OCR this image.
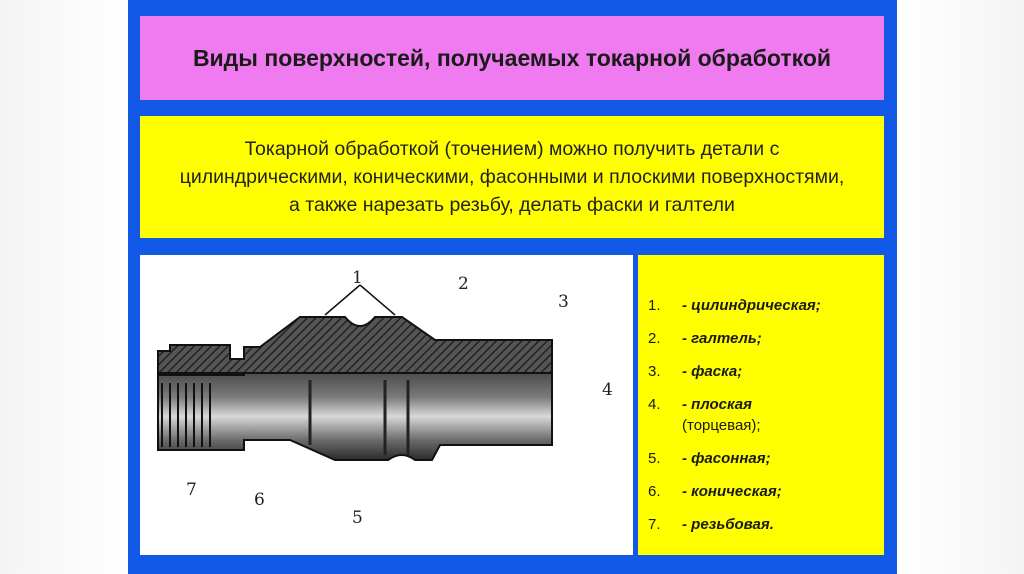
Виды поверхностей, получаемых токарной обработкой
Токарной обработкой (точением) можно получить детали с цилиндрическими, коническими, фасонными и плоскими поверхностями, а также нарезать резьбу, делать фаски и галтели
1	2
3
4
5
6
7
1.	- цилиндрическая;
2.	- галтель;
3.	- фаска;
4.	- плоская
(торцевая);
5.	- фасонная;
6.	- коническая;
7.	- резьбовая.
